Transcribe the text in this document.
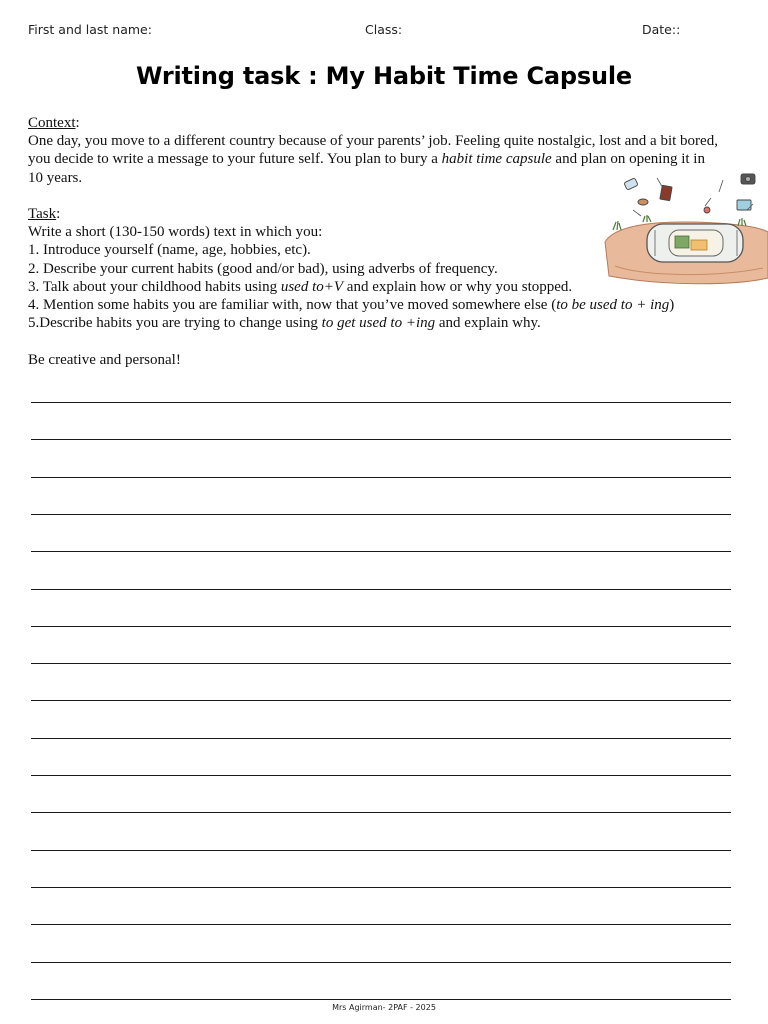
First and last name:	Class:	Date::
Writing task : My Habit Time Capsule

Context:

One day, you move to a different country because of your parents’ job. Feeling quite nostalgic, lost and a bit bored, you decide to write a message to your future self. You plan to bury a habit time capsule and plan on opening it in 10 years.

Task:

Write a short (130-150 words) text in which you:

1. Introduce yourself (name, age, hobbies, etc).

2. Describe your current habits (good and/or bad), using adverbs of frequency.

3. Talk about your childhood habits using used to+V and explain how or why you stopped.

4. Mention some habits you are familiar with, now that you’ve moved somewhere else (to be used to + ing)

5.Describe habits you are trying to change using to get used to +ing and explain why.

Be creative and personal!

Mrs Agirman- 2PAF - 2025
